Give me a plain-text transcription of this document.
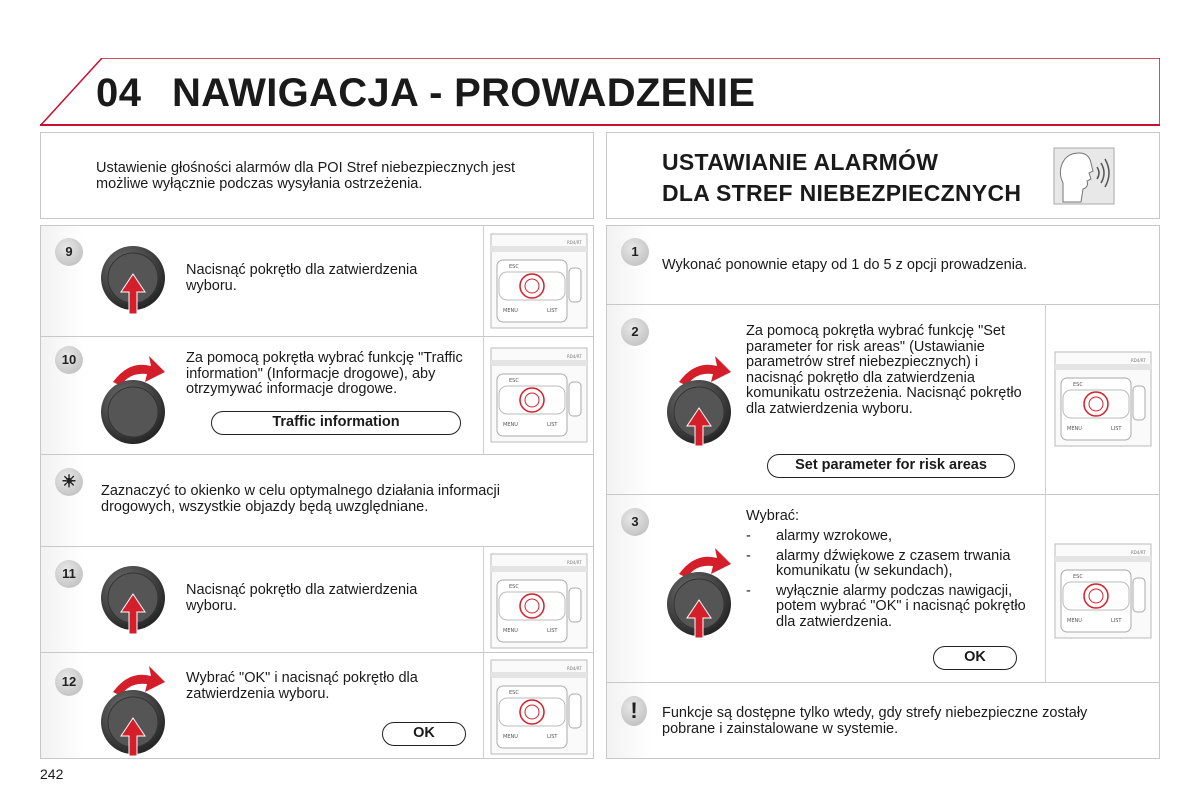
04 NAWIGACJA - PROWADZENIE
Ustawienie głośności alarmów dla POI Stref niebezpiecznych jest możliwe wyłącznie podczas wysyłania ostrzeżenia.
9
Nacisnąć pokrętło dla zatwierdzenia wyboru.
ESC
MENU	LIST
RD4/RT
10	Za pomocą pokrętła wybrać funkcję "Traffic information" (Informacje drogowe), aby otrzymywać informacje drogowe.
Traffic information
ESC
MENU	LIST
RD4/RT
☀	Zaznaczyć to okienko w celu optymalnego działania informacji drogowych, wszystkie objazdy będą uwzględniane.
11
Nacisnąć pokrętło dla zatwierdzenia wyboru.
ESC
MENU	LIST
RD4/RT
12	Wybrać "OK" i nacisnąć pokrętło dla zatwierdzenia wyboru.
OK
ESC
MENU	LIST
RD4/RT
USTAWIANIE ALARMÓW
DLA STREF NIEBEZPIECZNYCH
1
Wykonać ponownie etapy od 1 do 5 z opcji prowadzenia.
2	Za pomocą pokrętła wybrać funkcję "Set parameter for risk areas" (Ustawianie parametrów stref niebezpiecznych) i nacisnąć pokrętło dla zatwierdzenia komunikatu ostrzeżenia. Nacisnąć pokrętło dla zatwierdzenia wyboru.
Set parameter for risk areas
ESC
MENU	LIST
RD4/RT
3	Wybrać:
- alarmy wzrokowe,
- alarmy dźwiękowe z czasem trwania komunikatu (w sekundach),
- wyłącznie alarmy podczas nawigacji, potem wybrać "OK" i nacisnąć pokrętło dla zatwierdzenia.
OK
ESC
MENU	LIST
RD4/RT
!	Funkcje są dostępne tylko wtedy, gdy strefy niebezpieczne zostały pobrane i zainstalowane w systemie.
242
